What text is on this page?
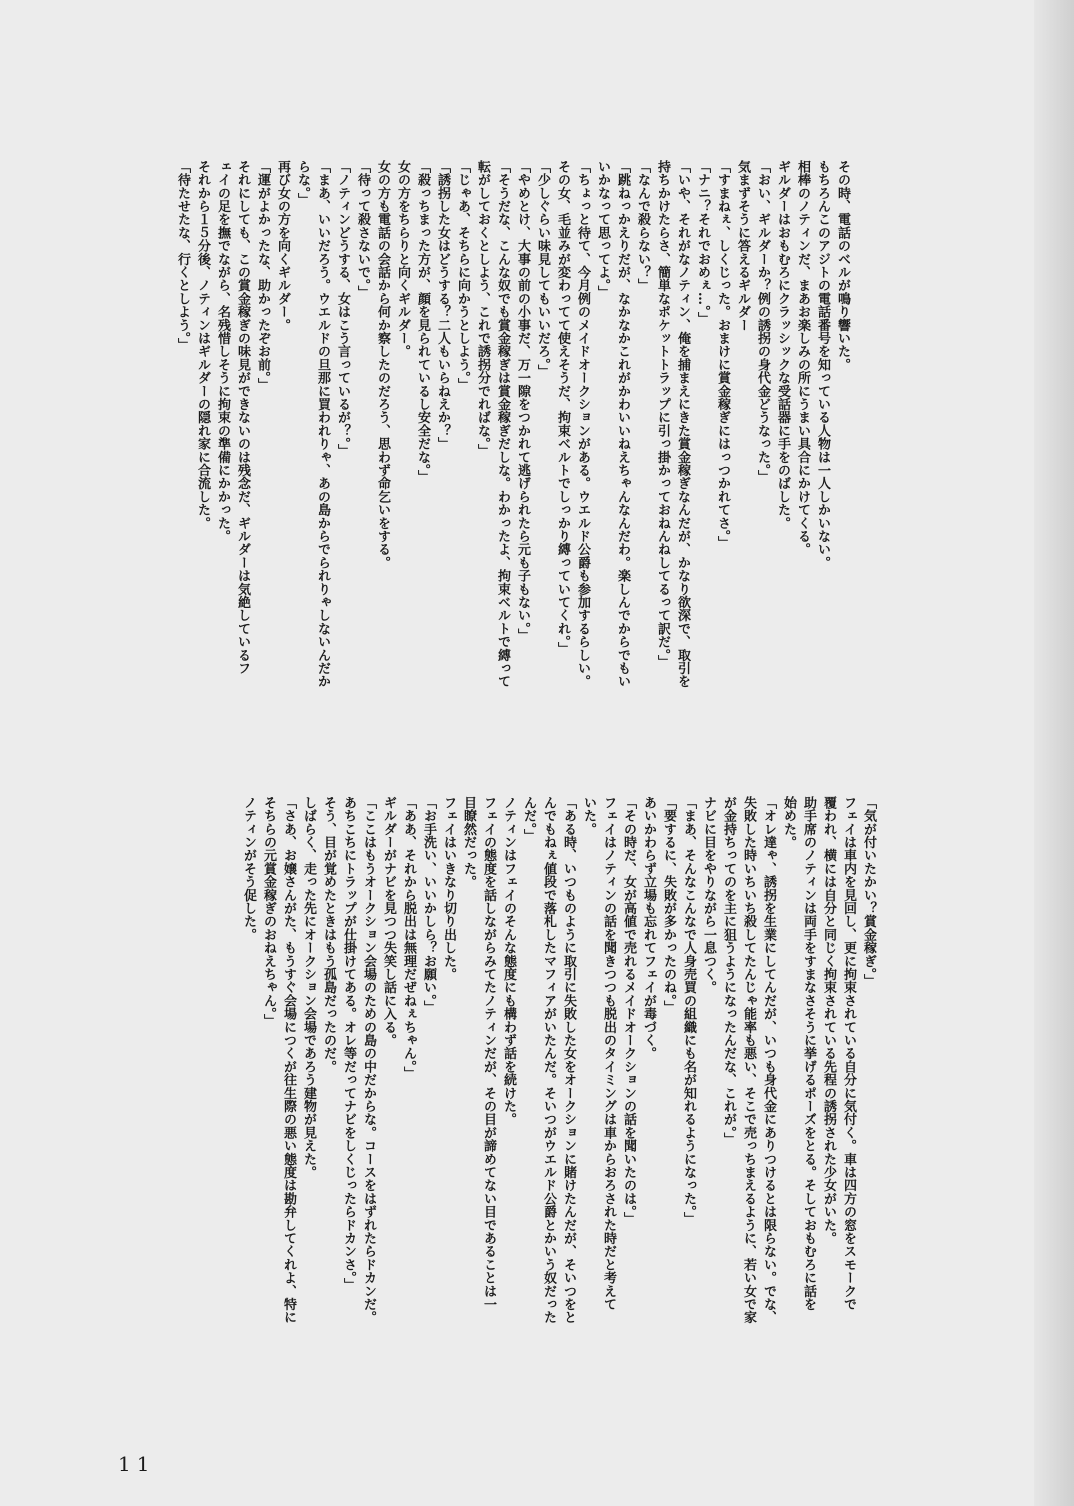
その時、電話のベルが鳴り響いた。

もちろんこのアジトの電話番号を知っている人物は一人しかいない。

相棒のノティンだ、まあお楽しみの所にうまい具合にかけてくる。

ギルダーはおもむろにクラッシックな受話器に手をのばした。

「おい、ギルダーか？例の誘拐の身代金どうなった。」

気まずそうに答えるギルダー

「すまねぇ、しくじった。おまけに賞金稼ぎにはっつかれてさ。」

「ナニ？それでおめぇ…。」

「いや、それがなノティン、俺を捕まえにきた賞金稼ぎなんだが、かなり欲深で、取引を

持ちかけたらさ、簡単なポケットトラップに引っ掛かっておねんねしてるって訳だ。」

「なんで殺らない？」

「跳ねっかえりだが、なかなかこれがかわいいねえちゃんなんだわ。楽しんでからでもい

いかなって思ってよ。」

「ちょっと待て、今月例のメイドオークションがある。ウエルド公爵も参加するらしい。

その女、毛並みが変わってて使えそうだ、拘束ベルトでしっかり縛っていてくれ。」

「少しぐらい味見してもいいだろ。」

「やめとけ、大事の前の小事だ、万一隙をつかれて逃げられたら元も子もない。」

「そうだな、こんな奴でも賞金稼ぎは賞金稼ぎだしな。わかったよ、拘束ベルトで縛って

転がしておくとしよう、これで誘拐分でればな。」

「じゃあ、そちらに向かうとしよう。」

「誘拐した女はどうする？二人もいらねえか？」

「殺っちまった方が、顔を見られているし安全だな。」

女の方をちらりと向くギルダー。

女の方も電話の会話から何か察したのだろう、思わず命乞いをする。

「待って殺さないで。」

「ノティンどうする、女はこう言っているが？。」

「まあ、いいだろう。ウエルドの旦那に買われりゃ、あの島からでられりゃしないんだか

らな。」

再び女の方を向くギルダー。

「運がよかったな、助かったぞお前。」

それにしても、この賞金稼ぎの味見ができないのは残念だ、ギルダーは気絶しているフ

ェイの足を撫でながら、名残惜しそうに拘束の準備にかかった。

それから１５分後、ノティンはギルダーの隠れ家に合流した。

「待たせたな、行くとしよう。」

「気が付いたかい？賞金稼ぎ。」

フェイは車内を見回し、更に拘束されている自分に気付く。車は四方の窓をスモークで

覆われ、横には自分と同じく拘束されている先程の誘拐された少女がいた。

助手席のノティンは両手をすまなさそうに挙げるポーズをとる。そしておもむろに話を

始めた。

「オレ達ゃ、誘拐を生業にしてんだが、いつも身代金にありつけるとは限らない。でな、

失敗した時いちいち殺してたんじゃ能率も悪い、そこで売っちまえるように、若い女で家

が金持ちってのを主に狙うようになったんだな、これが。」

ナビに目をやりながら一息つく。

「まあ、そんなこんなで人身売買の組織にも名が知れるようになった。」

「要するに、失敗が多かったのね。」

あいかわらず立場も忘れてフェイが毒づく。

「その時だ、女が高値で売れるメイドオークションの話を聞いたのは。」

フェイはノティンの話を聞きつつも脱出のタイミングは車からおろされた時だと考えて

いた。

「ある時、いつものように取引に失敗した女をオークションに賭けたんだが、そいつをと

んでもねぇ値段で落札したマフィアがいたんだ。そいつがウエルド公爵とかいう奴だった

んだ。」

ノティンはフェイのそんな態度にも構わず話を続けた。

フェイの態度を話しながらみてたノティンだが、その目が諦めてない目であることは一

目瞭然だった。

フェイはいきなり切り出した。

「お手洗い、いいかしら？お願い。」

「ああ、それから脱出は無理だぜねぇちゃん。」

ギルダーがナビを見つつ失笑し話に入る。

「ここはもうオークション会場のための島の中だからな。コースをはずれたらドカンだ。

あちこちにトラップが仕掛けてある。オレ等だってナビをしくじったらドカンさ。」

そう、目が覚めたときはもう孤島だったのだ。

しばらく、走った先にオークション会場であろう建物が見えた。

「さあ、お嬢さんがた、もうすぐ会場につくが往生際の悪い態度は勘弁してくれよ、特に

そちらの元賞金稼ぎのおねえちゃん。」

ノティンがそう促した。

11
